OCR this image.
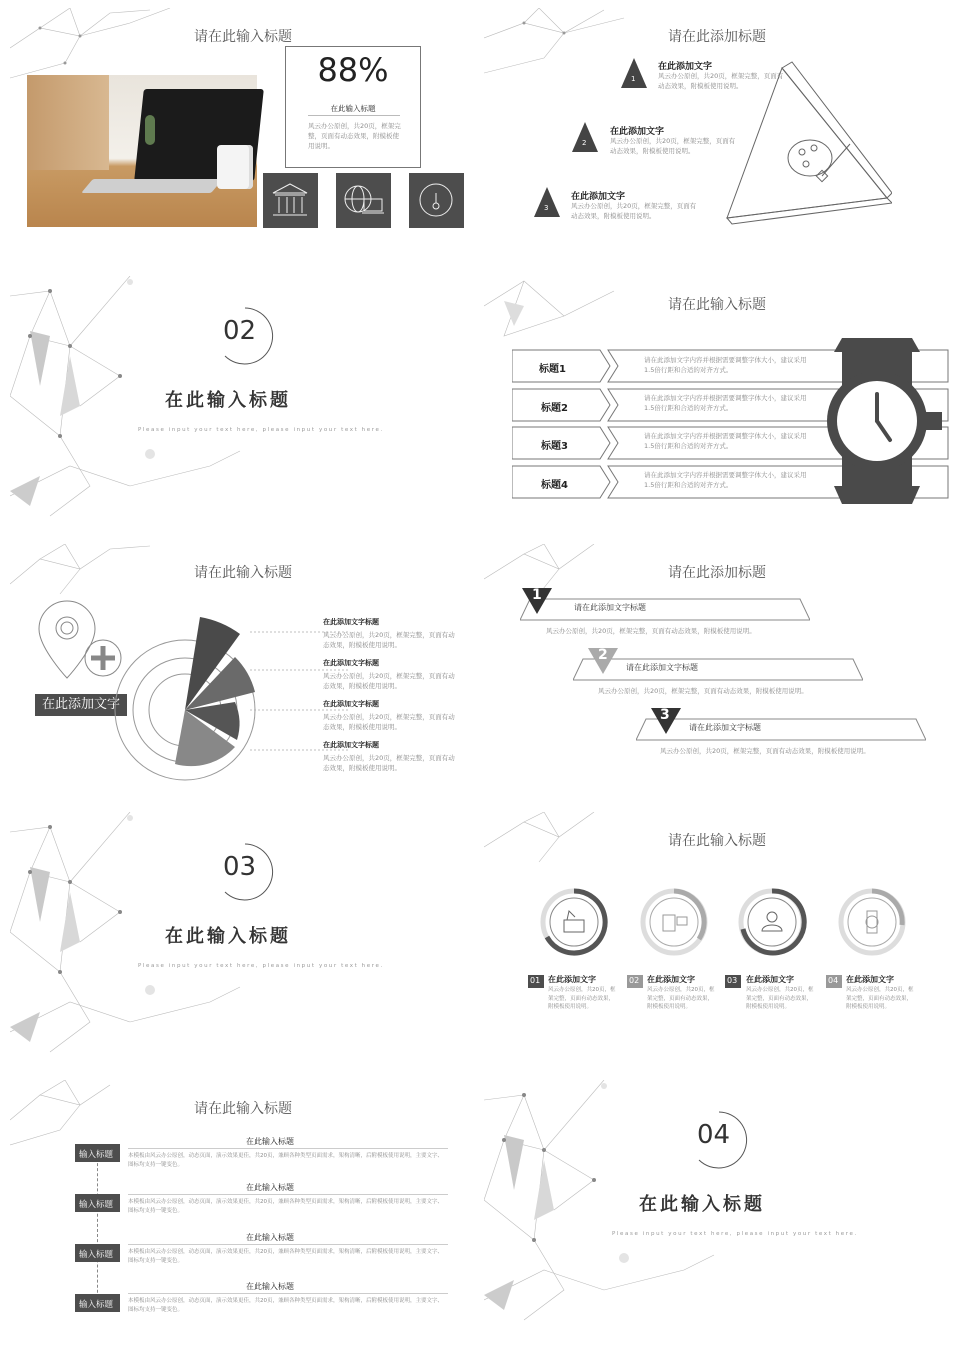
请在此输入标题
88%
在此输入标题
风云办公原创，共20页，框架完整，页面有动态效果，附模板使用说明。
请在此添加标题
1
在此添加文字
风云办公原创，共20页，框架完整，页面有动态效果，附模板使用说明。
2
在此添加文字
风云办公原创，共20页，框架完整，页面有动态效果，附模板使用说明。
3
在此添加文字
风云办公原创，共20页，框架完整，页面有动态效果，附模板使用说明。
02
在此输入标题
Please input your text here, please input your text here.
请在此输入标题
标题1
请在此添加文字内容并根据需要调整字体大小，建议采用1.5倍行距和合适的对齐方式。
标题2
请在此添加文字内容并根据需要调整字体大小，建议采用1.5倍行距和合适的对齐方式。
标题3
请在此添加文字内容并根据需要调整字体大小，建议采用1.5倍行距和合适的对齐方式。
标题4
请在此添加文字内容并根据需要调整字体大小，建议采用1.5倍行距和合适的对齐方式。
请在此输入标题
在此添加文字
在此添加文字标题
风云办公原创，共20页，框架完整，页面有动态效果，附模板使用说明。
在此添加文字标题
风云办公原创，共20页，框架完整，页面有动态效果，附模板使用说明。
在此添加文字标题
风云办公原创，共20页，框架完整，页面有动态效果，附模板使用说明。
在此添加文字标题
风云办公原创，共20页，框架完整，页面有动态效果，附模板使用说明。
请在此添加标题
1
请在此添加文字标题
风云办公原创，共20页，框架完整，页面有动态效果，附模板使用说明。
2
请在此添加文字标题
风云办公原创，共20页，框架完整，页面有动态效果，附模板使用说明。
3
请在此添加文字标题
风云办公原创，共20页，框架完整，页面有动态效果，附模板使用说明。
03
在此输入标题
Please input your text here, please input your text here.
请在此输入标题
01 在此添加文字
风云办公原创，共20页，框架完整，页面有动态效果，附模板使用说明。
02 在此添加文字
风云办公原创，共20页，框架完整，页面有动态效果，附模板使用说明。
03 在此添加文字
风云办公原创，共20页，框架完整，页面有动态效果，附模板使用说明。
04 在此添加文字
风云办公原创，共20页，框架完整，页面有动态效果，附模板使用说明。
请在此输入标题
输入标题
在此输入标题
本模板由风云办公原创，动态页面，演示效果更佳，共20页，兼顾各种类型页面需求，架构清晰，后附模板使用说明，主要文字、图标均支持一键变色。
输入标题
在此输入标题
本模板由风云办公原创，动态页面，演示效果更佳，共20页，兼顾各种类型页面需求，架构清晰，后附模板使用说明，主要文字、图标均支持一键变色。
输入标题
在此输入标题
本模板由风云办公原创，动态页面，演示效果更佳，共20页，兼顾各种类型页面需求，架构清晰，后附模板使用说明，主要文字、图标均支持一键变色。
输入标题
在此输入标题
本模板由风云办公原创，动态页面，演示效果更佳，共20页，兼顾各种类型页面需求，架构清晰，后附模板使用说明，主要文字、图标均支持一键变色。
04
在此输入标题
Please input your text here, please input your text here.
